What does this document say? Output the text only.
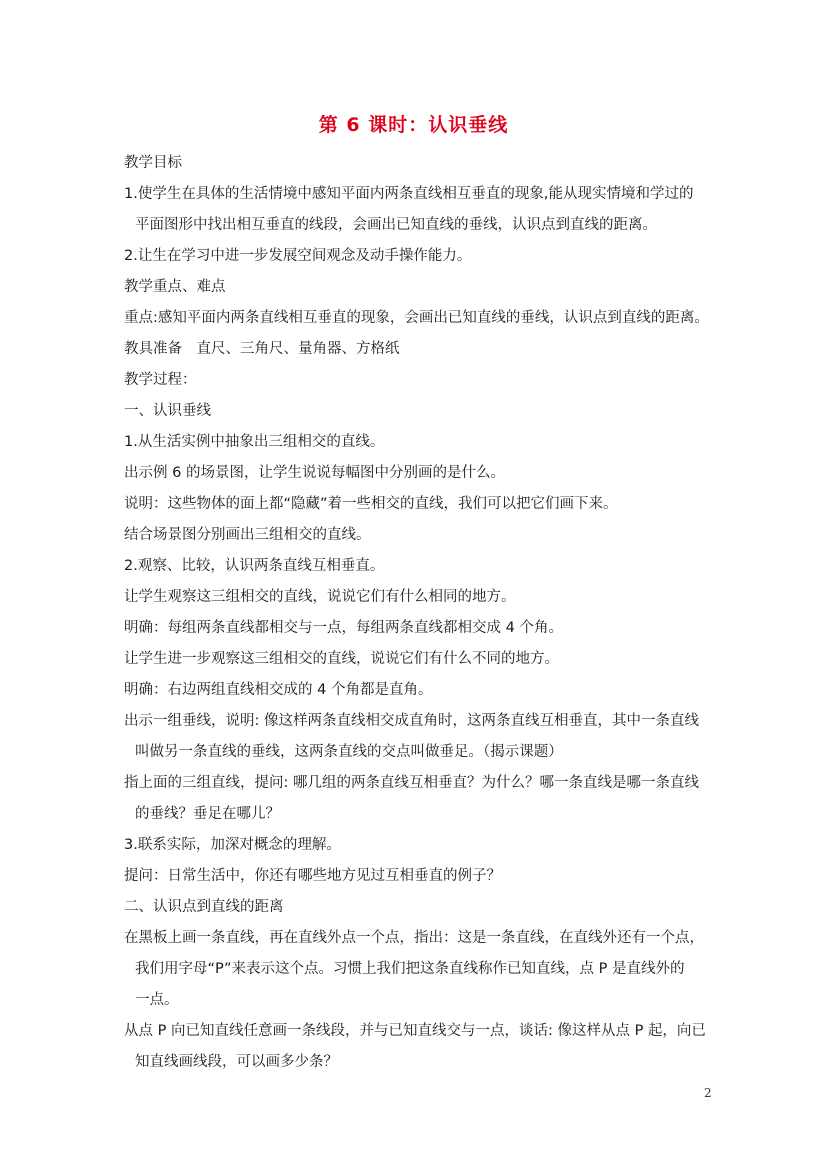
第 6 课时：认识垂线
教学目标
1.使学生在具体的生活情境中感知平面内两条直线相互垂直的现象,能从现实情境和学过的
平面图形中找出相互垂直的线段，会画出已知直线的垂线，认识点到直线的距离。
2.让生在学习中进一步发展空间观念及动手操作能力。
教学重点、难点
重点:感知平面内两条直线相互垂直的现象，会画出已知直线的垂线，认识点到直线的距离。
教具准备　直尺、三角尺、量角器、方格纸
教学过程：
一、认识垂线
1.从生活实例中抽象出三组相交的直线。
出示例 6 的场景图，让学生说说每幅图中分别画的是什么。
说明：这些物体的面上都“隐藏”着一些相交的直线，我们可以把它们画下来。
结合场景图分别画出三组相交的直线。
2.观察、比较，认识两条直线互相垂直。
让学生观察这三组相交的直线，说说它们有什么相同的地方。
明确：每组两条直线都相交与一点，每组两条直线都相交成 4 个角。
让学生进一步观察这三组相交的直线，说说它们有什么不同的地方。
明确：右边两组直线相交成的 4 个角都是直角。
出示一组垂线，说明: 像这样两条直线相交成直角时，这两条直线互相垂直，其中一条直线
叫做另一条直线的垂线，这两条直线的交点叫做垂足。（揭示课题）
指上面的三组直线，提问: 哪几组的两条直线互相垂直？为什么？哪一条直线是哪一条直线
的垂线？垂足在哪儿？
3.联系实际，加深对概念的理解。
提问：日常生活中，你还有哪些地方见过互相垂直的例子？
二、认识点到直线的距离
在黑板上画一条直线，再在直线外点一个点，指出：这是一条直线，在直线外还有一个点，
我们用字母“P”来表示这个点。习惯上我们把这条直线称作已知直线，点 P 是直线外的
一点。
从点 P 向已知直线任意画一条线段，并与已知直线交与一点，谈话: 像这样从点 P 起，向已
知直线画线段，可以画多少条？
2
